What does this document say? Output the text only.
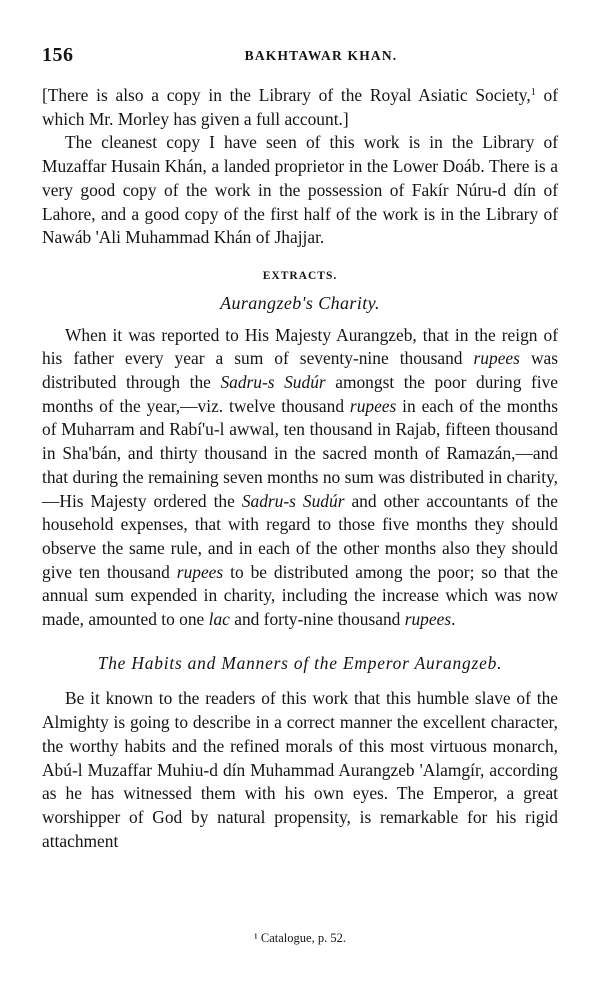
156	BAKHTAWAR KHAN.

[There is also a copy in the Library of the Royal Asiatic Society,$^1$ of which Mr. Morley has given a full account.]

The cleanest copy I have seen of this work is in the Library of Muzaffar Husain Khán, a landed proprietor in the Lower Doáb. There is a very good copy of the work in the possession of Fakír Núru-d dín of Lahore, and a good copy of the first half of the work is in the Library of Nawáb 'Ali Muhammad Khán of Jhajjar.

EXTRACTS.
Aurangzeb's Charity.

When it was reported to His Majesty Aurangzeb, that in the reign of his father every year a sum of seventy-nine thousand rupees was distributed through the Sadru-s Sudúr amongst the poor during five months of the year,—viz. twelve thousand rupees in each of the months of Muharram and Rabí'u-l awwal, ten thousand in Rajab, fifteen thousand in Sha'bán, and thirty thousand in the sacred month of Ramazán,—and that during the remaining seven months no sum was distributed in charity,—His Majesty ordered the Sadru-s Sudúr and other accountants of the household expenses, that with regard to those five months they should observe the same rule, and in each of the other months also they should give ten thousand rupees to be distributed among the poor; so that the annual sum expended in charity, including the increase which was now made, amounted to one lac and forty-nine thousand rupees.

The Habits and Manners of the Emperor Aurangzeb.

Be it known to the readers of this work that this humble slave of the Almighty is going to describe in a correct manner the excellent character, the worthy habits and the refined morals of this most virtuous monarch, Abú-l Muzaffar Muhiu-d dín Muhammad Aurangzeb 'Alamgír, according as he has witnessed them with his own eyes. The Emperor, a great worshipper of God by natural propensity, is remarkable for his rigid attachment

¹ Catalogue, p. 52.
